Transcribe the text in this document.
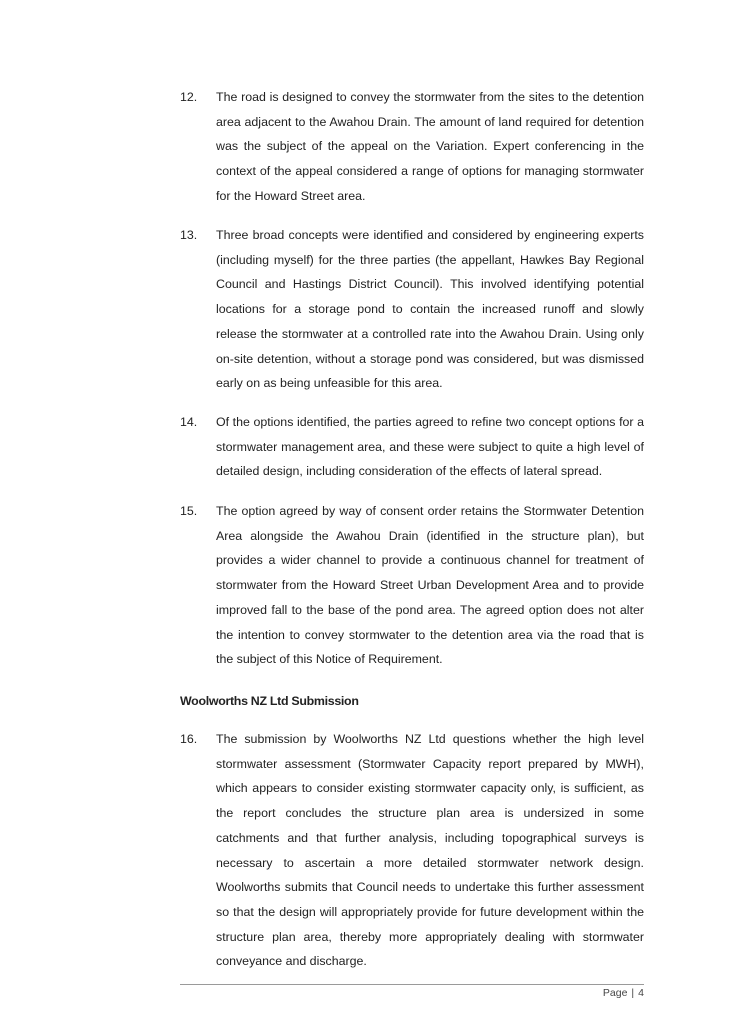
12.	The road is designed to convey the stormwater from the sites to the detention area adjacent to the Awahou Drain. The amount of land required for detention was the subject of the appeal on the Variation. Expert conferencing in the context of the appeal considered a range of options for managing stormwater for the Howard Street area.
13.	Three broad concepts were identified and considered by engineering experts (including myself) for the three parties (the appellant, Hawkes Bay Regional Council and Hastings District Council). This involved identifying potential locations for a storage pond to contain the increased runoff and slowly release the stormwater at a controlled rate into the Awahou Drain. Using only on-site detention, without a storage pond was considered, but was dismissed early on as being unfeasible for this area.
14.	Of the options identified, the parties agreed to refine two concept options for a stormwater management area, and these were subject to quite a high level of detailed design, including consideration of the effects of lateral spread.
15.	The option agreed by way of consent order retains the Stormwater Detention Area alongside the Awahou Drain (identified in the structure plan), but provides a wider channel to provide a continuous channel for treatment of stormwater from the Howard Street Urban Development Area and to provide improved fall to the base of the pond area. The agreed option does not alter the intention to convey stormwater to the detention area via the road that is the subject of this Notice of Requirement.
Woolworths NZ Ltd Submission
16.	The submission by Woolworths NZ Ltd questions whether the high level stormwater assessment (Stormwater Capacity report prepared by MWH), which appears to consider existing stormwater capacity only, is sufficient, as the report concludes the structure plan area is undersized in some catchments and that further analysis, including topographical surveys is necessary to ascertain a more detailed stormwater network design. Woolworths submits that Council needs to undertake this further assessment so that the design will appropriately provide for future development within the structure plan area, thereby more appropriately dealing with stormwater conveyance and discharge.
Page | 4
